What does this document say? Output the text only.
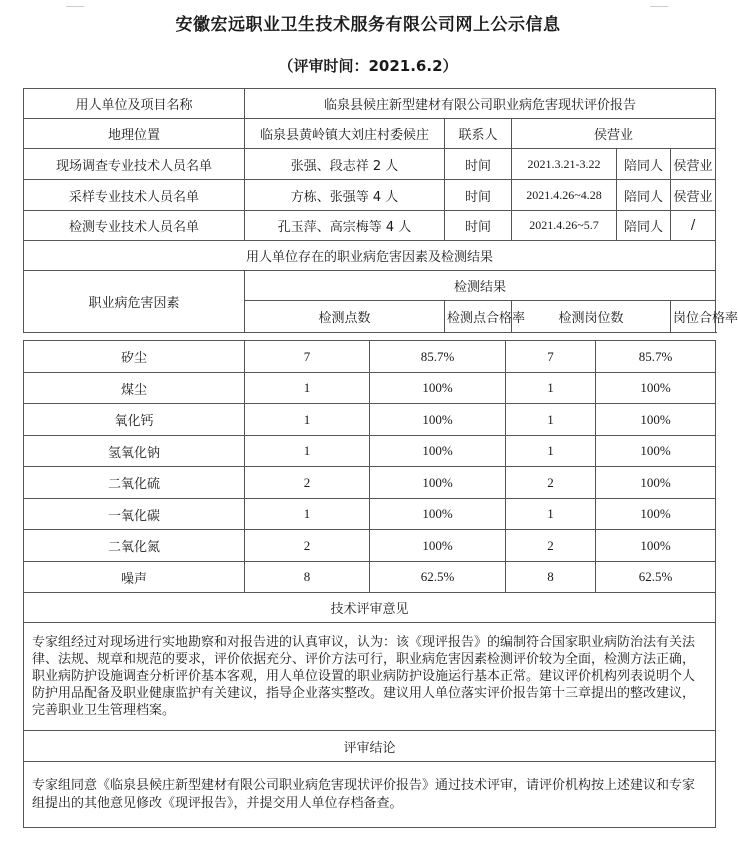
安徽宏远职业卫生技术服务有限公司网上公示信息
（评审时间：2021.6.2）
用人单位及项目名称	临泉县候庄新型建材有限公司职业病危害现状评价报告				
地理位置	临泉县黄岭镇大刘庄村委候庄	联系人	侯营业		
现场调查专业技术人员名单	张强、段志祥 2 人	时间	2021.3.21-3.22	陪同人	侯营业
采样专业技术人员名单	方栋、张强等 4 人	时间	2021.4.26~4.28	陪同人	侯营业
检测专业技术人员名单	孔玉萍、高宗梅等 4 人	时间	2021.4.26~5.7	陪同人	/
用人单位存在的职业病危害因素及检测结果					
职业病危害因素	检测结果				
	检测点数	检测点合格率	检测岗位数		岗位合格率
矽尘	7	85.7%	7	85.7%
煤尘	1	100%	1	100%
氧化钙	1	100%	1	100%
氢氧化钠	1	100%	1	100%
二氧化硫	2	100%	2	100%
一氧化碳	1	100%	1	100%
二氧化氮	2	100%	2	100%
噪声	8	62.5%	8	62.5%
技术评审意见				
专家组经过对现场进行实地勘察和对报告进的认真审议，认为：该《现评报告》的编制符合国家职业病防治法有关法律、法规、规章和规范的要求，评价依据充分、评价方法可行，职业病危害因素检测评价较为全面，检测方法正确，职业病防护设施调查分析评价基本客观，用人单位设置的职业病防护设施运行基本正常。建议评价机构列表说明个人防护用品配备及职业健康监护有关建议，指导企业落实整改。建议用人单位落实评价报告第十三章提出的整改建议，完善职业卫生管理档案。				
评审结论				
专家组同意《临泉县候庄新型建材有限公司职业病危害现状评价报告》通过技术评审，请评价机构按上述建议和专家组提出的其他意见修改《现评报告》，并提交用人单位存档备查。				
